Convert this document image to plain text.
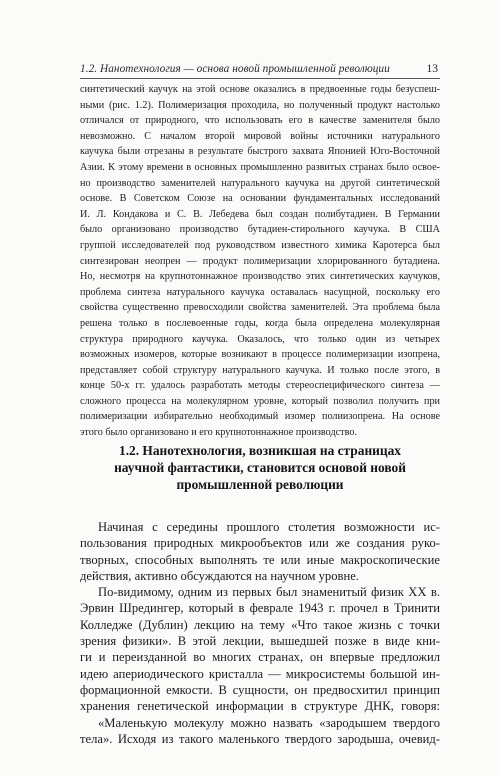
1.2. Нанотехнология — основа новой промышленной революции	13
синтетический каучук на этой основе оказались в предвоенные годы безуспеш-
ными (рис. 1.2). Полимеризация проходила, но полученный продукт настолько
отличался от природного, что использовать его в качестве заменителя было
невозможно. С началом второй мировой войны источники натурального
каучука были отрезаны в результате быстрого захвата Японией Юго-Восточной
Азии. К этому времени в основных промышленно развитых странах было освое-
но производство заменителей натурального каучука на другой синтетической
основе. В Советском Союзе на основании фундаментальных исследований
И. Л. Кондакова и С. В. Лебедева был создан полибутадиен. В Германии
было организовано производство бутадиен-стирольного каучука. В США
группой исследователей под руководством известного химика Каротерса был
синтезирован неопрен — продукт полимеризации хлорированного бутадиена.
Но, несмотря на крупнотоннажное производство этих синтетических каучуков,
проблема синтеза натурального каучука оставалась насущной, поскольку его
свойства существенно превосходили свойства заменителей. Эта проблема была
решена только в послевоенные годы, когда была определена молекулярная
структура природного каучука. Оказалось, что только один из четырех
возможных изомеров, которые возникают в процессе полимеризации изопрена,
представляет собой структуру натурального каучука. И только после этого, в
конце 50-х гг. удалось разработать методы стереоспецифического синтеза —
сложного процесса на молекулярном уровне, который позволил получить при
полимеризации избирательно необходимый изомер полиизопрена. На основе
этого было организовано и его крупнотоннажное производство.
1.2. Нанотехнология, возникшая на страницах
научной фантастики, становится основой новой
промышленной революции
Начиная с середины прошлого столетия возможности ис-
пользования природных микрообъектов или же создания руко-
творных, способных выполнять те или иные макроскопические
действия, активно обсуждаются на научном уровне.
По-видимому, одним из первых был знаменитый физик XX в.
Эрвин Шредингер, который в феврале 1943 г. прочел в Тринити
Колледже (Дублин) лекцию на тему «Что такое жизнь с точки
зрения физики». В этой лекции, вышедшей позже в виде кни-
ги и переизданной во многих странах, он впервые предложил
идею апериодического кристалла — микросистемы большой ин-
формационной емкости. В сущности, он предвосхитил принцип
хранения генетической информации в структуре ДНК, говоря:
«Маленькую молекулу можно назвать «зародышем твердого
тела». Исходя из такого маленького твердого зародыша, очевид-
